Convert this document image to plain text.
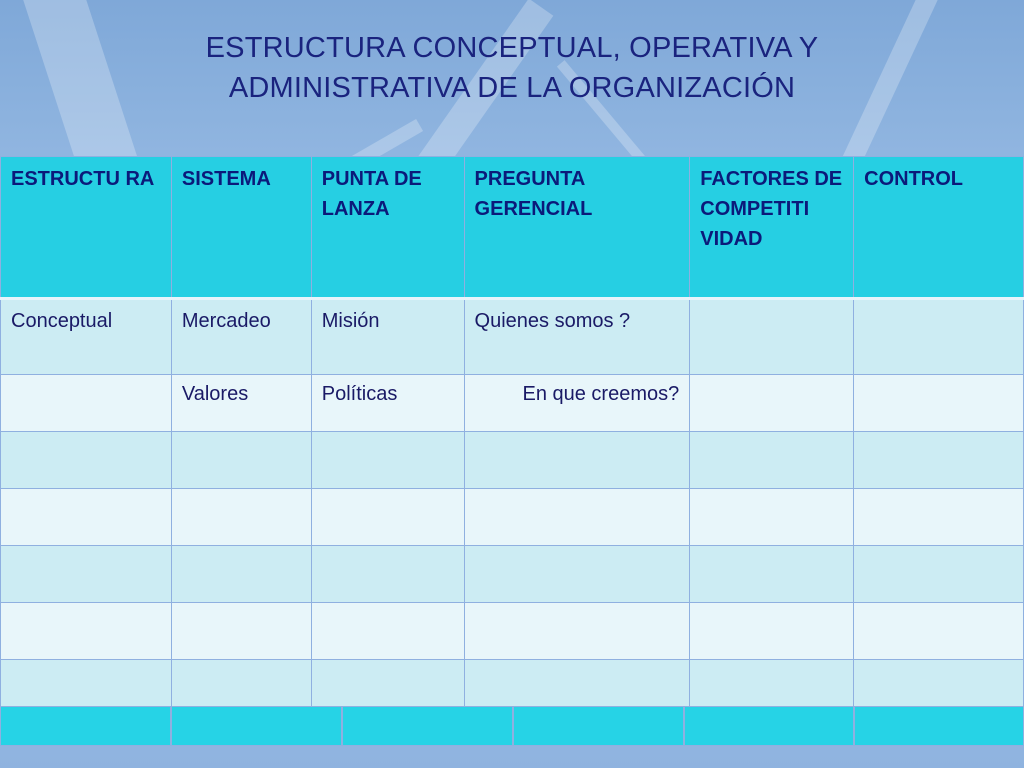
ESTRUCTURA CONCEPTUAL, OPERATIVA Y
ADMINISTRATIVA DE LA ORGANIZACIÓN
ESTRUCTU RA	SISTEMA	PUNTA DE LANZA	PREGUNTA GERENCIAL	FACTORES DE COMPETITI VIDAD	CONTROL
Conceptual	Mercadeo	Misión	Quienes somos ?		
	Valores	Políticas	En que creemos?		
